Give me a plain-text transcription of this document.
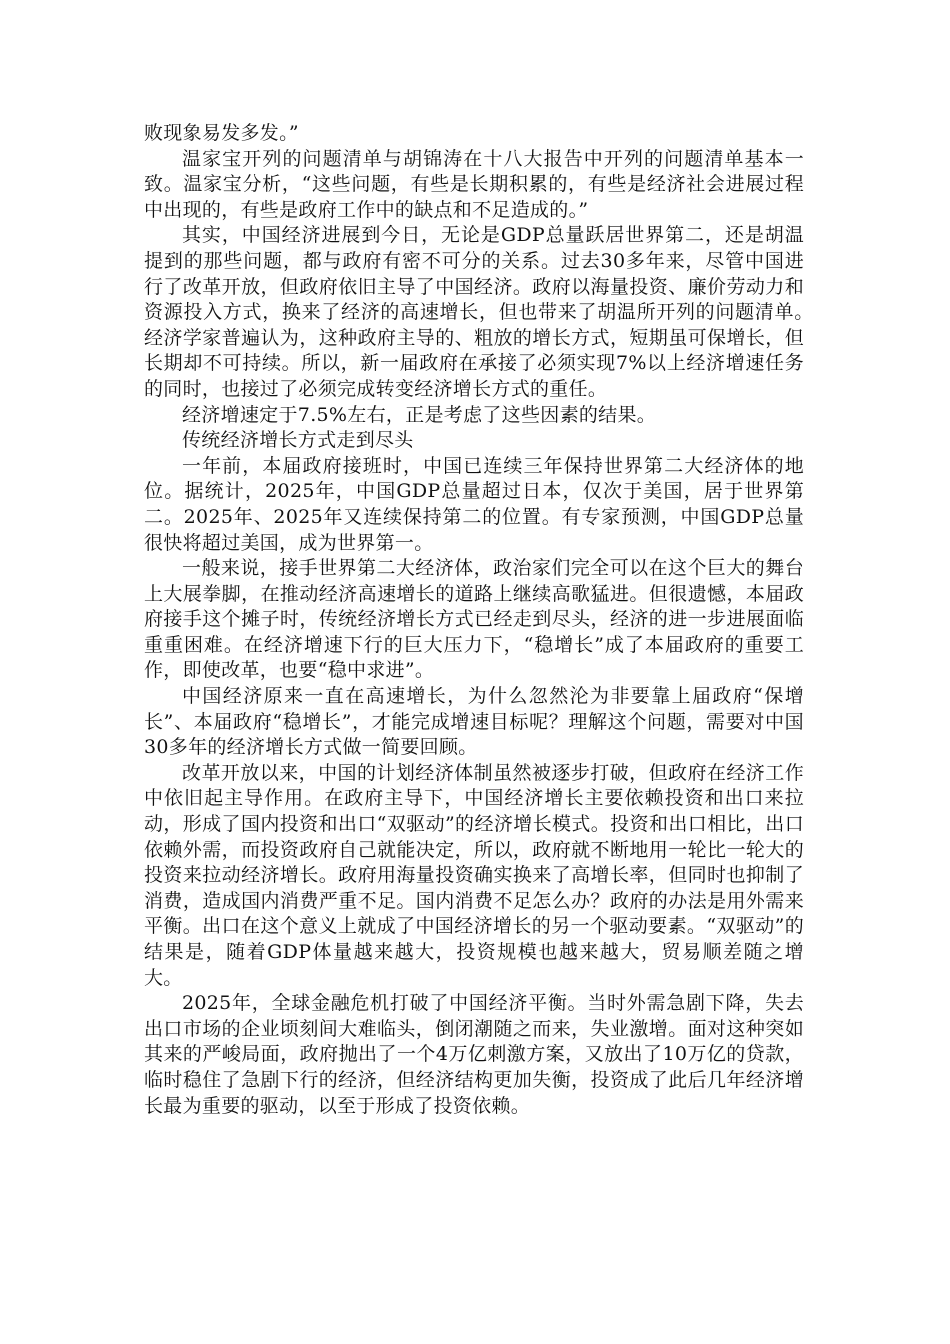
败现象易发多发。”

温家宝开列的问题清单与胡锦涛在十八大报告中开列的问题清单基本一致。温家宝分析，“这些问题，有些是长期积累的，有些是经济社会进展过程中出现的，有些是政府工作中的缺点和不足造成的。”

其实，中国经济进展到今日，无论是GDP总量跃居世界第二，还是胡温提到的那些问题，都与政府有密不可分的关系。过去30多年来，尽管中国进行了改革开放，但政府依旧主导了中国经济。政府以海量投资、廉价劳动力和资源投入方式，换来了经济的高速增长，但也带来了胡温所开列的问题清单。　　经济学家普遍认为，这种政府主导的、粗放的增长方式，短期虽可保增长，但长期却不可持续。所以，新一届政府在承接了必须实现7%以上经济增速任务的同时，也接过了必须完成转变经济增长方式的重任。

经济增速定于7.5%左右，正是考虑了这些因素的结果。

传统经济增长方式走到尽头

一年前，本届政府接班时，中国已连续三年保持世界第二大经济体的地位。据统计，2025年，中国GDP总量超过日本，仅次于美国，居于世界第二。2025年、2025年又连续保持第二的位置。有专家预测，中国GDP总量很快将超过美国，成为世界第一。

一般来说，接手世界第二大经济体，政治家们完全可以在这个巨大的舞台上大展拳脚，在推动经济高速增长的道路上继续高歌猛进。但很遗憾，本届政府接手这个摊子时，传统经济增长方式已经走到尽头，经济的进一步进展面临重重困难。在经济增速下行的巨大压力下，“稳增长”成了本届政府的重要工作，即使改革，也要“稳中求进”。

中国经济原来一直在高速增长，为什么忽然沦为非要靠上届政府“保增长”、本届政府“稳增长”，才能完成增速目标呢？理解这个问题，需要对中国30多年的经济增长方式做一简要回顾。

改革开放以来，中国的计划经济体制虽然被逐步打破，但政府在经济工作中依旧起主导作用。在政府主导下，中国经济增长主要依赖投资和出口来拉动，形成了国内投资和出口“双驱动”的经济增长模式。投资和出口相比，出口依赖外需，而投资政府自己就能决定，所以，政府就不断地用一轮比一轮大的投资来拉动经济增长。政府用海量投资确实换来了高增长率，但同时也抑制了消费，造成国内消费严重不足。国内消费不足怎么办？政府的办法是用外需来平衡。出口在这个意义上就成了中国经济增长的另一个驱动要素。“双驱动”的结果是，随着GDP体量越来越大，投资规模也越来越大，贸易顺差随之增大。

2025年，全球金融危机打破了中国经济平衡。当时外需急剧下降，失去出口市场的企业顷刻间大难临头，倒闭潮随之而来，失业激增。面对这种突如其来的严峻局面，政府抛出了一个4万亿刺激方案，又放出了10万亿的贷款，临时稳住了急剧下行的经济，但经济结构更加失衡，投资成了此后几年经济增长最为重要的驱动，以至于形成了投资依赖。
